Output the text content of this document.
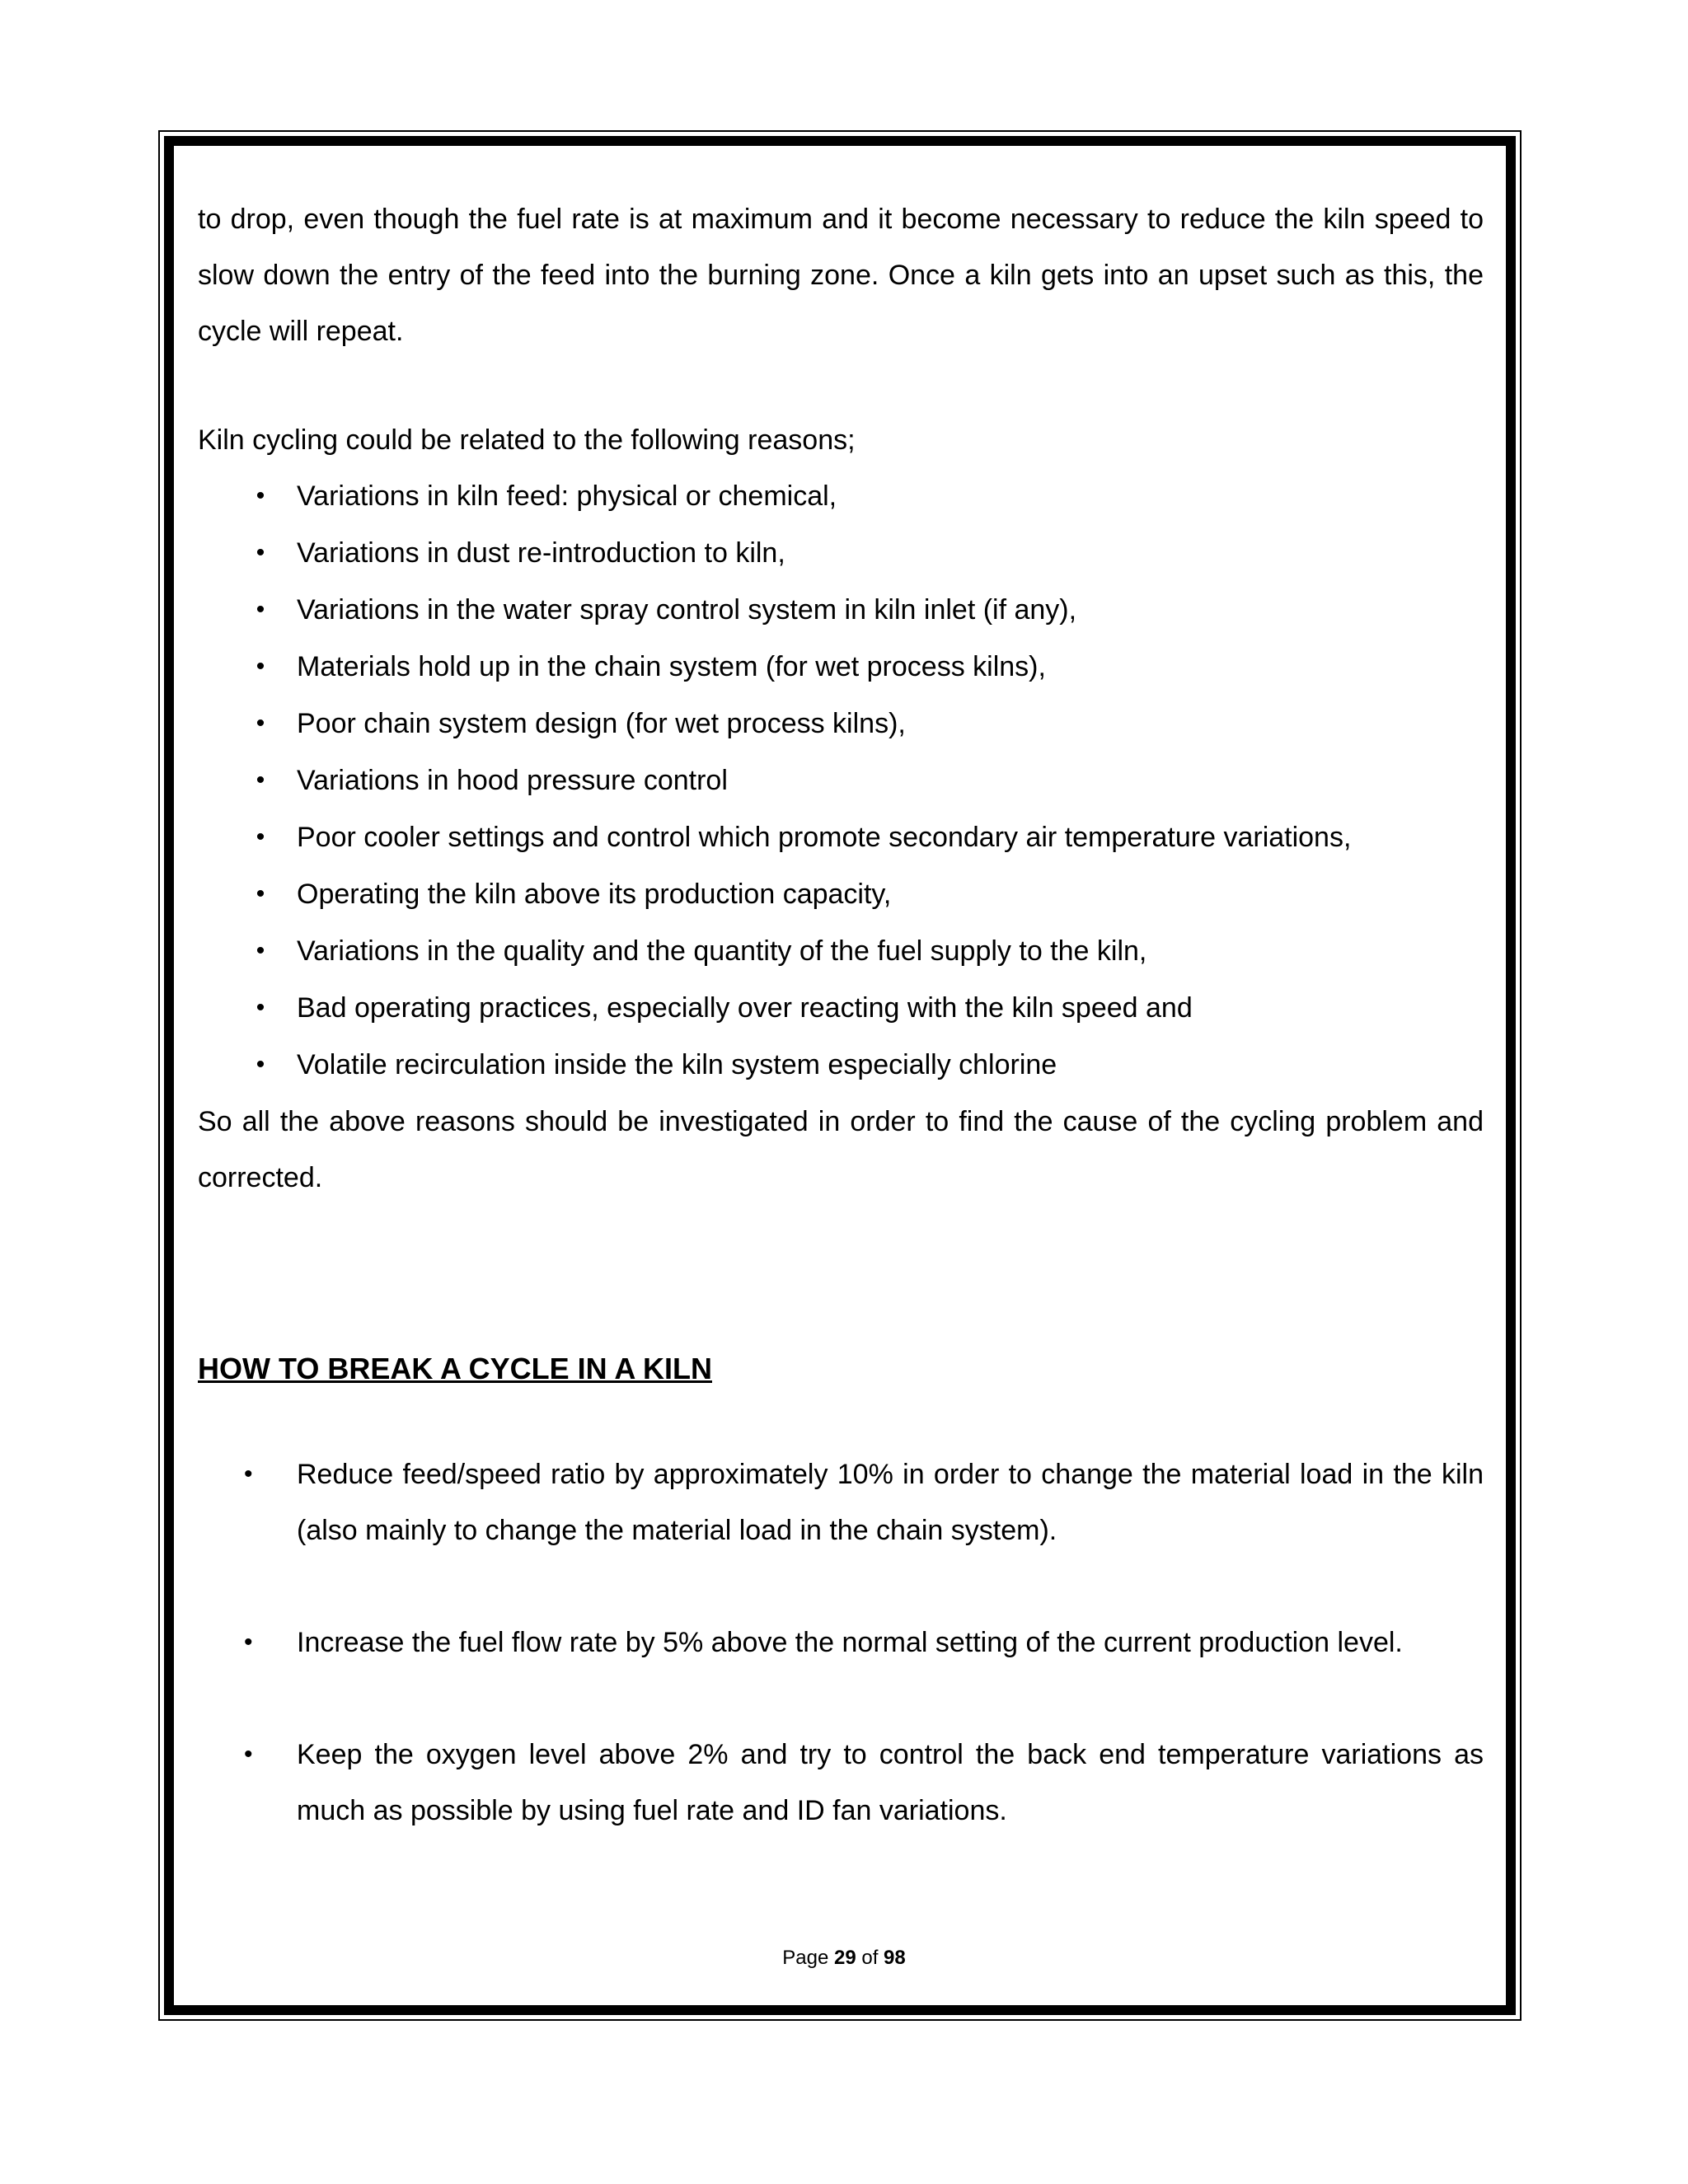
to drop, even though the fuel rate is at maximum and it become necessary to reduce the kiln speed to slow down the entry of the feed into the burning zone. Once a kiln gets into an upset such as this, the cycle will repeat.

Kiln cycling could be related to the following reasons;

•	Variations in kiln feed: physical or chemical,
•	Variations in dust re-introduction to kiln,
•	Variations in the water spray control system in kiln inlet (if any),
•	Materials hold up in the chain system (for wet process kilns),
•	Poor chain system design (for wet process kilns),
•	Variations in hood pressure control
•	Poor cooler settings and control which promote secondary air temperature variations,
•	Operating the kiln above its production capacity,
•	Variations in the quality and the quantity of the fuel supply to the kiln,
•	Bad operating practices, especially over reacting with the kiln speed and
•	Volatile recirculation inside the kiln system especially chlorine

So all the above reasons should be investigated in order to find the cause of the cycling problem and corrected.

HOW TO BREAK A CYCLE IN A KILN
•	Reduce feed/speed ratio by approximately 10% in order to change the material load in the kiln (also mainly to change the material load in the chain system).
•	Increase the fuel flow rate by 5% above the normal setting of the current production level.
•	Keep the oxygen level above 2% and try to control the back end temperature variations as much as possible by using fuel rate and ID fan variations.
Page 29 of 98
